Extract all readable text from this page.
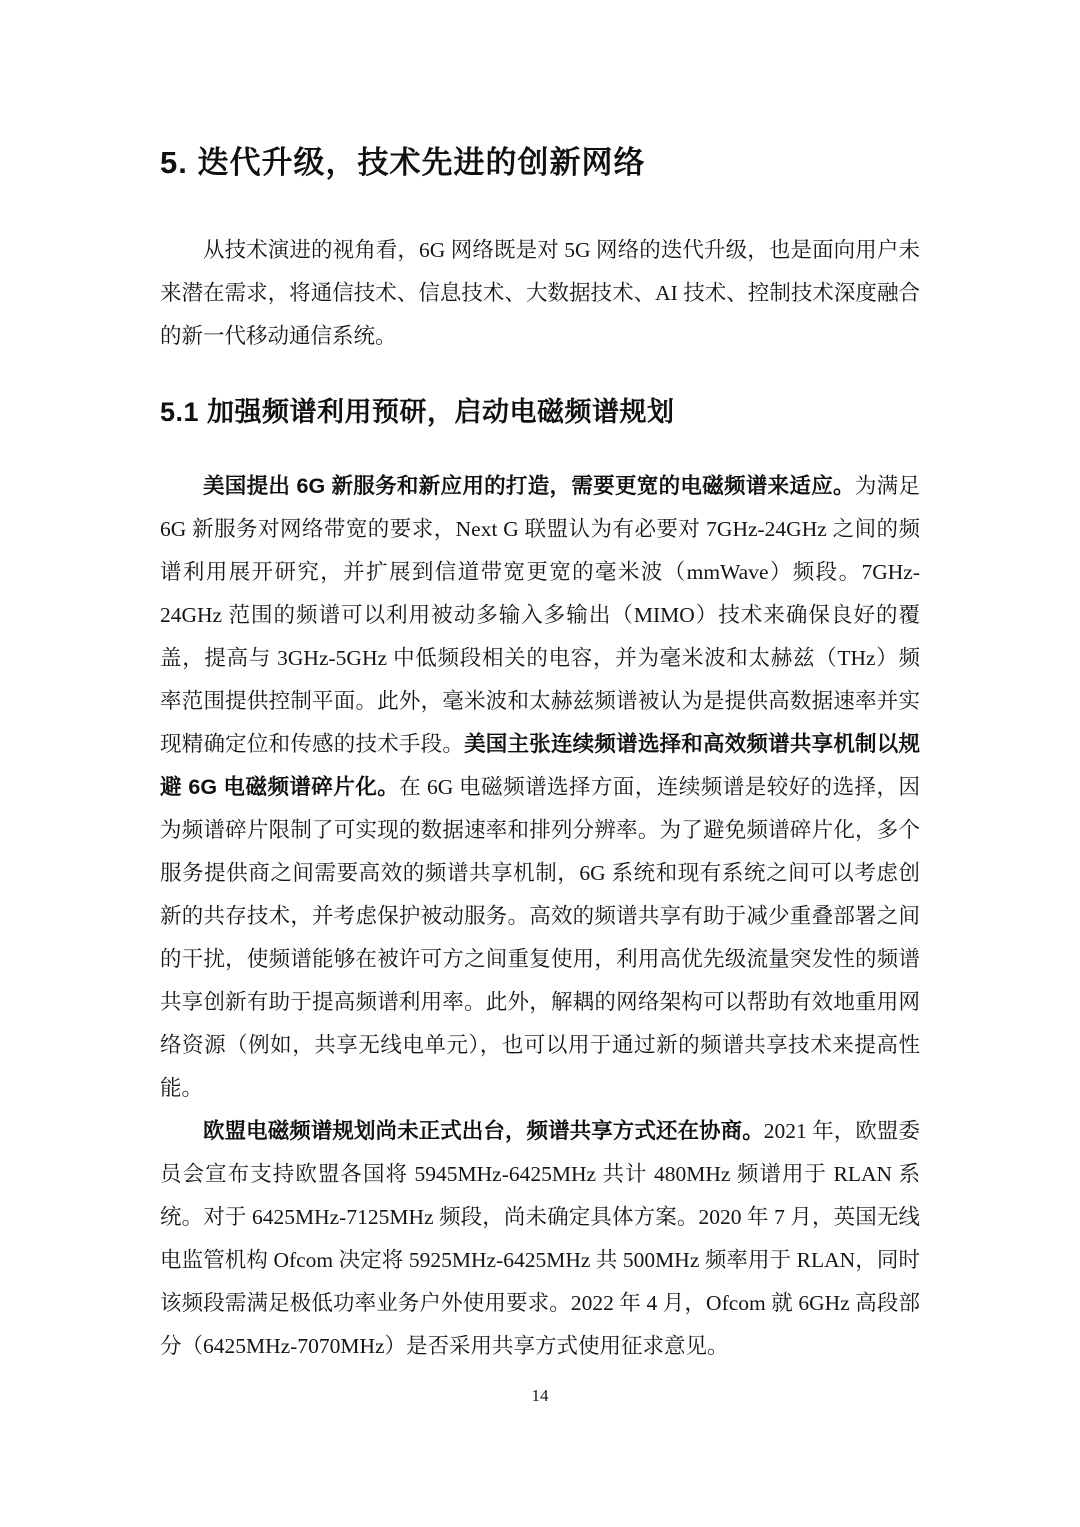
5. 迭代升级，技术先进的创新网络

从技术演进的视角看，6G 网络既是对 5G 网络的迭代升级，也是面向用户未来潜在需求，将通信技术、信息技术、大数据技术、AI 技术、控制技术深度融合的新一代移动通信系统。

5.1 加强频谱利用预研，启动电磁频谱规划

美国提出 6G 新服务和新应用的打造，需要更宽的电磁频谱来适应。为满足 6G 新服务对网络带宽的要求，Next G 联盟认为有必要对 7GHz-24GHz 之间的频谱利用展开研究，并扩展到信道带宽更宽的毫米波（mmWave）频段。7GHz-24GHz 范围的频谱可以利用被动多输入多输出（MIMO）技术来确保良好的覆盖，提高与 3GHz-5GHz 中低频段相关的电容，并为毫米波和太赫兹（THz）频率范围提供控制平面。此外，毫米波和太赫兹频谱被认为是提供高数据速率并实现精确定位和传感的技术手段。美国主张连续频谱选择和高效频谱共享机制以规避 6G 电磁频谱碎片化。在 6G 电磁频谱选择方面，连续频谱是较好的选择，因为频谱碎片限制了可实现的数据速率和排列分辨率。为了避免频谱碎片化，多个服务提供商之间需要高效的频谱共享机制，6G 系统和现有系统之间可以考虑创新的共存技术，并考虑保护被动服务。高效的频谱共享有助于减少重叠部署之间的干扰，使频谱能够在被许可方之间重复使用，利用高优先级流量突发性的频谱共享创新有助于提高频谱利用率。此外，解耦的网络架构可以帮助有效地重用网络资源（例如，共享无线电单元），也可以用于通过新的频谱共享技术来提高性能。

欧盟电磁频谱规划尚未正式出台，频谱共享方式还在协商。2021 年，欧盟委员会宣布支持欧盟各国将 5945MHz-6425MHz 共计 480MHz 频谱用于 RLAN 系统。对于 6425MHz-7125MHz 频段，尚未确定具体方案。2020 年 7 月，英国无线电监管机构 Ofcom 决定将 5925MHz-6425MHz 共 500MHz 频率用于 RLAN，同时该频段需满足极低功率业务户外使用要求。2022 年 4 月，Ofcom 就 6GHz 高段部分（6425MHz-7070MHz）是否采用共享方式使用征求意见。

14
